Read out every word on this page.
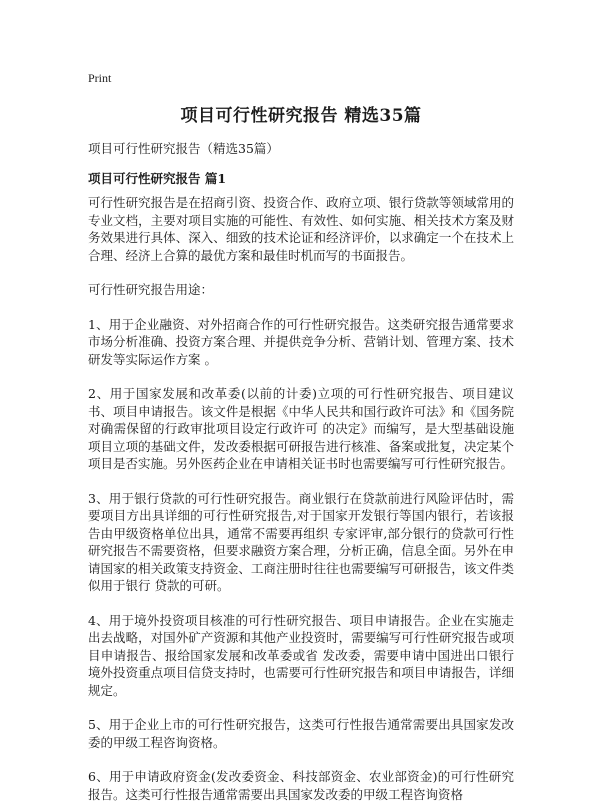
Print
项目可行性研究报告 精选35篇
项目可行性研究报告（精选35篇）
项目可行性研究报告 篇1

可行性研究报告是在招商引资、投资合作、政府立项、银行贷款等领域常用的专业文档，主要对项目实施的可能性、有效性、如何实施、相关技术方案及财务效果进行具体、深入、细致的技术论证和经济评价，以求确定一个在技术上合理、经济上合算的最优方案和最佳时机而写的书面报告。

可行性研究报告用途：

1、用于企业融资、对外招商合作的可行性研究报告。这类研究报告通常要求市场分析准确、投资方案合理、并提供竞争分析、营销计划、管理方案、技术研发等实际运作方案 。

2、用于国家发展和改革委(以前的计委)立项的可行性研究报告、项目建议书、项目申请报告。该文件是根据《中华人民共和国行政许可法》和《国务院对确需保留的行政审批项目设定行政许可 的决定》而编写，是大型基础设施项目立项的基础文件，发改委根据可研报告进行核准、备案或批复，决定某个项目是否实施。另外医药企业在申请相关证书时也需要编写可行性研究报告。

3、用于银行贷款的可行性研究报告。商业银行在贷款前进行风险评估时，需要项目方出具详细的可行性研究报告,对于国家开发银行等国内银行，若该报告由甲级资格单位出具，通常不需要再组织 专家评审,部分银行的贷款可行性研究报告不需要资格，但要求融资方案合理，分析正确，信息全面。另外在申请国家的相关政策支持资金、工商注册时往往也需要编写可研报告，该文件类似用于银行 贷款的可研。

4、用于境外投资项目核准的可行性研究报告、项目申请报告。企业在实施走出去战略，对国外矿产资源和其他产业投资时，需要编写可行性研究报告或项目申请报告、报给国家发展和改革委或省 发改委，需要申请中国进出口银行境外投资重点项目信贷支持时，也需要可行性研究报告和项目申请报告，详细规定。

5、用于企业上市的可行性研究报告，这类可行性报告通常需要出具国家发改委的甲级工程咨询资格。

6、用于申请政府资金(发改委资金、科技部资金、农业部资金)的可行性研究报告。这类可行性报告通常需要出具国家发改委的甲级工程咨询资格
